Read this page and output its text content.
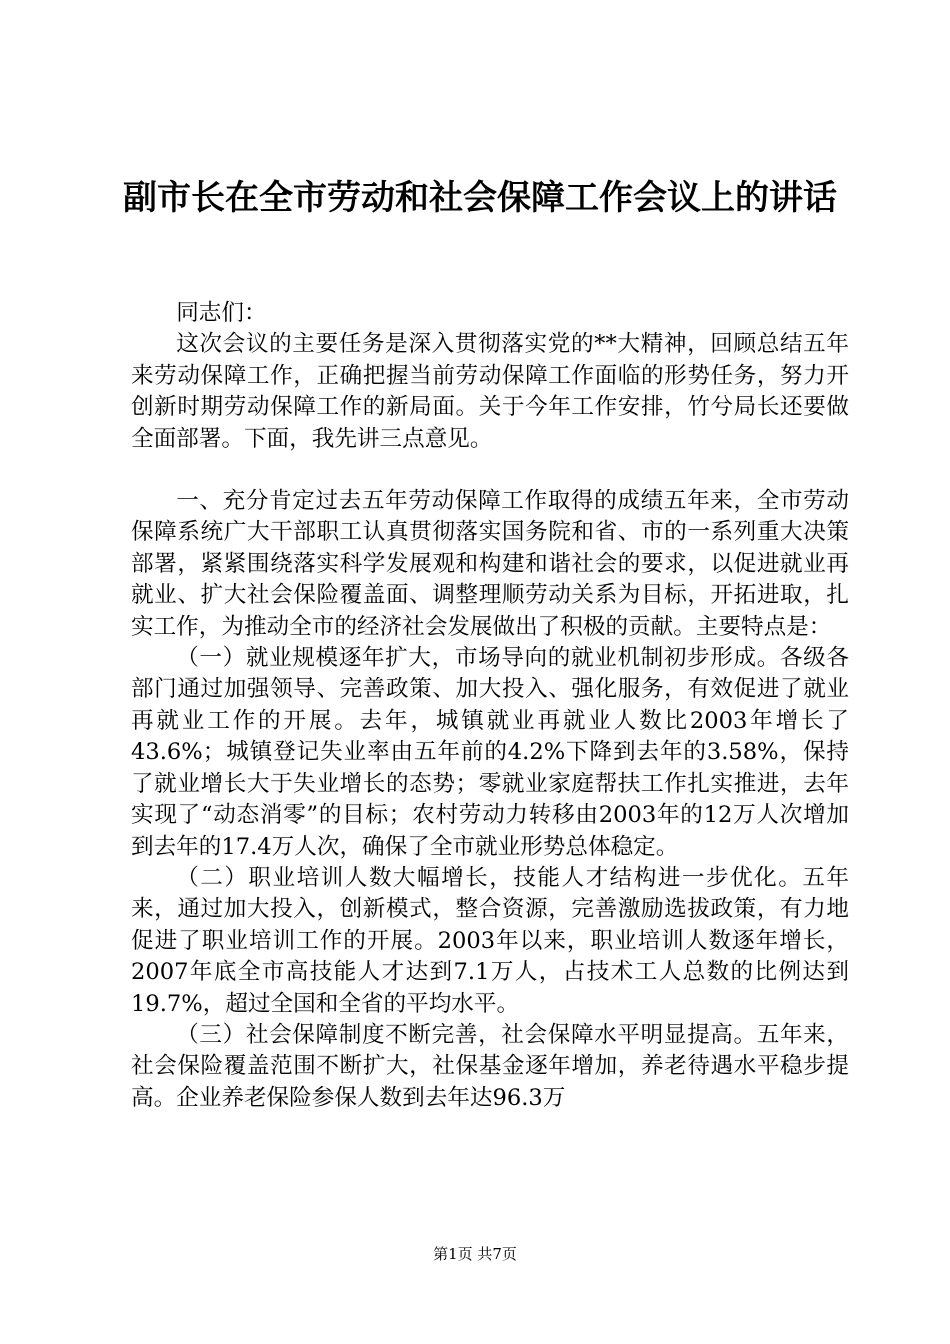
副市长在全市劳动和社会保障工作会议上的讲话

同志们：

这次会议的主要任务是深入贯彻落实党的**大精神，回顾总结五年来劳动保障工作，正确把握当前劳动保障工作面临的形势任务，努力开创新时期劳动保障工作的新局面。关于今年工作安排，竹兮局长还要做全面部署。下面，我先讲三点意见。

一、充分肯定过去五年劳动保障工作取得的成绩五年来，全市劳动保障系统广大干部职工认真贯彻落实国务院和省、市的一系列重大决策部署，紧紧围绕落实科学发展观和构建和谐社会的要求，以促进就业再就业、扩大社会保险覆盖面、调整理顺劳动关系为目标，开拓进取，扎实工作，为推动全市的经济社会发展做出了积极的贡献。主要特点是：

（一）就业规模逐年扩大，市场导向的就业机制初步形成。各级各部门通过加强领导、完善政策、加大投入、强化服务，有效促进了就业再就业工作的开展。去年，城镇就业再就业人数比2003年增长了43.6%；城镇登记失业率由五年前的4.2%下降到去年的3.58%，保持了就业增长大于失业增长的态势；零就业家庭帮扶工作扎实推进，去年实现了“动态消零”的目标；农村劳动力转移由2003年的12万人次增加到去年的17.4万人次，确保了全市就业形势总体稳定。

（二）职业培训人数大幅增长，技能人才结构进一步优化。五年来，通过加大投入，创新模式，整合资源，完善激励选拔政策，有力地促进了职业培训工作的开展。2003年以来，职业培训人数逐年增长，2007年底全市高技能人才达到7.1万人，占技术工人总数的比例达到19.7%，超过全国和全省的平均水平。

（三）社会保障制度不断完善，社会保障水平明显提高。五年来，社会保险覆盖范围不断扩大，社保基金逐年增加，养老待遇水平稳步提高。企业养老保险参保人数到去年达96.3万

第1页 共7页
